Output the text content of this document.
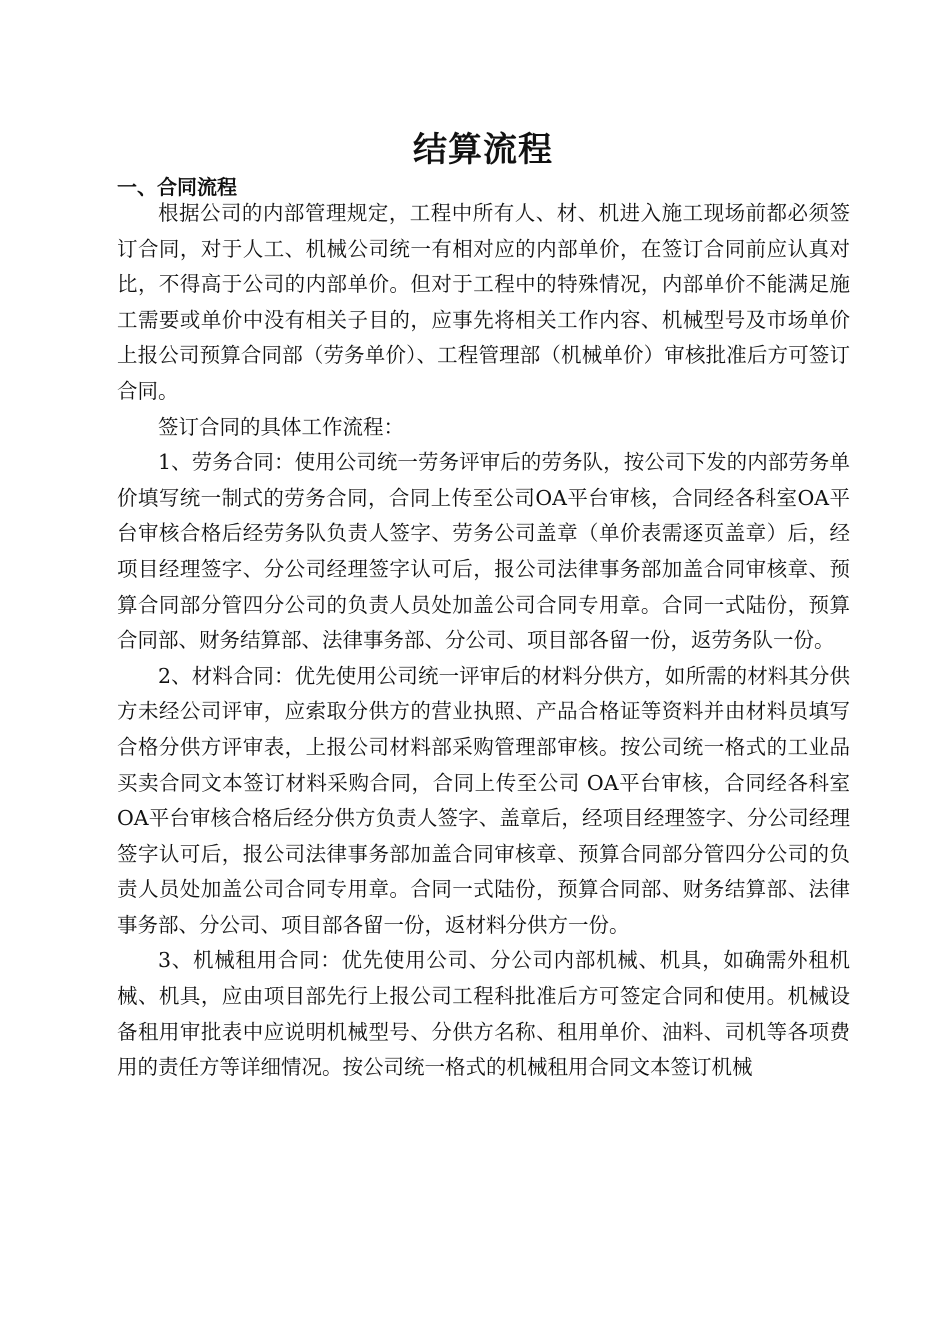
结算流程
一、合同流程

根据公司的内部管理规定，工程中所有人、材、机进入施工现场前都必须签订合同，对于人工、机械公司统一有相对应的内部单价，在签订合同前应认真对比，不得高于公司的内部单价。但对于工程中的特殊情况，内部单价不能满足施工需要或单价中没有相关子目的，应事先将相关工作内容、机械型号及市场单价上报公司预算合同部（劳务单价）、工程管理部（机械单价）审核批准后方可签订合同。

签订合同的具体工作流程：

1、劳务合同：使用公司统一劳务评审后的劳务队，按公司下发的内部劳务单价填写统一制式的劳务合同，合同上传至公司OA平台审核，合同经各科室OA平台审核合格后经劳务队负责人签字、劳务公司盖章（单价表需逐页盖章）后，经项目经理签字、分公司经理签字认可后，报公司法律事务部加盖合同审核章、预算合同部分管四分公司的负责人员处加盖公司合同专用章。合同一式陆份，预算合同部、财务结算部、法律事务部、分公司、项目部各留一份，返劳务队一份。

2、材料合同：优先使用公司统一评审后的材料分供方，如所需的材料其分供方未经公司评审，应索取分供方的营业执照、产品合格证等资料并由材料员填写合格分供方评审表，上报公司材料部采购管理部审核。按公司统一格式的工业品买卖合同文本签订材料采购合同，合同上传至公司 OA平台审核，合同经各科室OA平台审核合格后经分供方负责人签字、盖章后，经项目经理签字、分公司经理签字认可后，报公司法律事务部加盖合同审核章、预算合同部分管四分公司的负责人员处加盖公司合同专用章。合同一式陆份，预算合同部、财务结算部、法律事务部、分公司、项目部各留一份，返材料分供方一份。

3、机械租用合同：优先使用公司、分公司内部机械、机具，如确需外租机械、机具，应由项目部先行上报公司工程科批准后方可签定合同和使用。机械设备租用审批表中应说明机械型号、分供方名称、租用单价、油料、司机等各项费用的责任方等详细情况。按公司统一格式的机械租用合同文本签订机械
